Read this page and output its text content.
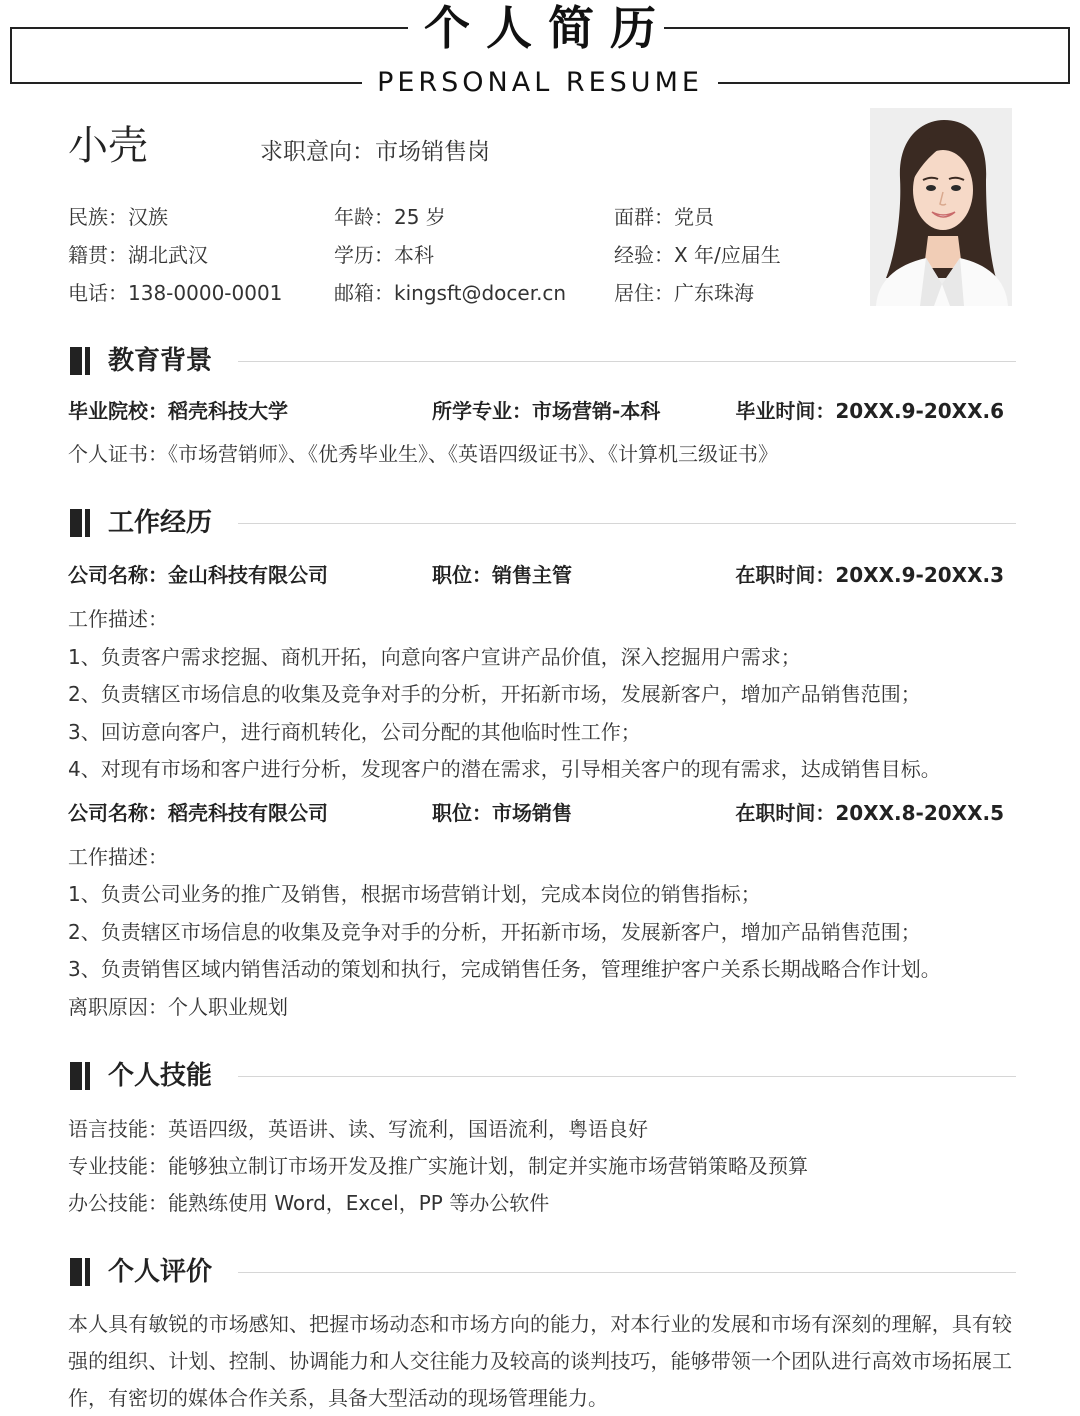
个人简历
PERSONAL RESUME
小壳	求职意向：市场销售岗
民族：汉族	年龄：25 岁	面群：党员
籍贯：湖北武汉	学历：本科	经验：X 年/应届生
电话：138-0000-0001	邮箱：kingsft@docer.cn 居住：广东珠海
教育背景
毕业院校：稻壳科技大学	所学专业：市场营销-本科	毕业时间：20XX.9-20XX.6
个人证书：《市场营销师》、《优秀毕业生》、《英语四级证书》、《计算机三级证书》
工作经历
公司名称：金山科技有限公司	职位：销售主管	在职时间：20XX.9-20XX.3
工作描述：
1、负责客户需求挖掘、商机开拓，向意向客户宣讲产品价值，深入挖掘用户需求；
2、负责辖区市场信息的收集及竞争对手的分析，开拓新市场，发展新客户，增加产品销售范围；
3、回访意向客户，进行商机转化，公司分配的其他临时性工作；
4、对现有市场和客户进行分析，发现客户的潜在需求，引导相关客户的现有需求，达成销售目标。
公司名称：稻壳科技有限公司	职位：市场销售	在职时间：20XX.8-20XX.5
工作描述：
1、负责公司业务的推广及销售，根据市场营销计划，完成本岗位的销售指标；
2、负责辖区市场信息的收集及竞争对手的分析，开拓新市场，发展新客户，增加产品销售范围；
3、负责销售区域内销售活动的策划和执行，完成销售任务，管理维护客户关系长期战略合作计划。
离职原因：个人职业规划
个人技能
语言技能：英语四级，英语讲、读、写流利，国语流利，粤语良好
专业技能：能够独立制订市场开发及推广实施计划，制定并实施市场营销策略及预算
办公技能：能熟练使用 Word，Excel，PP 等办公软件
个人评价
本人具有敏锐的市场感知、把握市场动态和市场方向的能力，对本行业的发展和市场有深刻的理解，具有较强的组织、计划、控制、协调能力和人交往能力及较高的谈判技巧，能够带领一个团队进行高效市场拓展工作，有密切的媒体合作关系，具备大型活动的现场管理能力。
